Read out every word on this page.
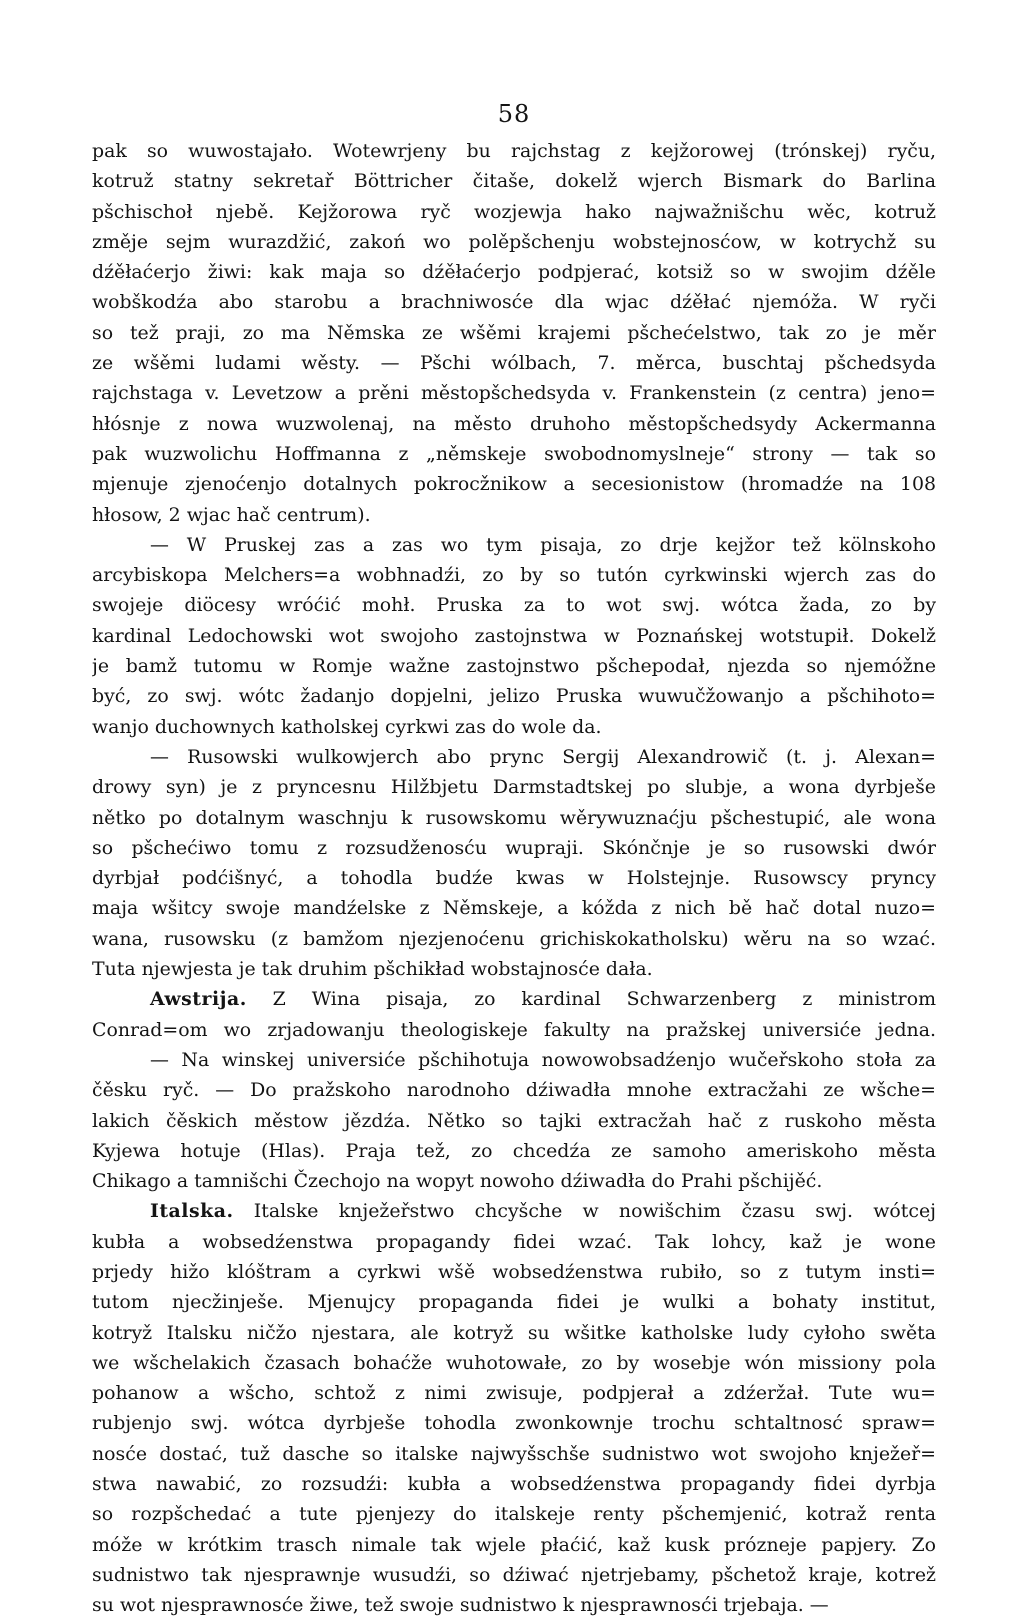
58
pak so wuwostajało. Wotewrjeny bu rajchstag z kejžorowej (trónskej) ryču,
kotruž statny sekretař Böttricher čitaše, dokelž wjerch Bismark do Barlina
pšchischoł njebě. Kejžorowa ryč wozjewja hako najwažnišchu wěc, kotruž
změje sejm wurazdžić, zakoń wo polěpšchenju wobstejnosćow, w kotrychž su
dźěłaćerjo žiwi: kak maja so dźěłaćerjo podpjerać, kotsiž so w swojim dźěle
wobškodźa abo starobu a brachniwosće dla wjac dźěłać njemóža. W ryči
so tež praji, zo ma Němska ze wšěmi krajemi pšchećelstwo, tak zo je měr
ze wšěmi ludami wěsty. — Pšchi wólbach, 7. měrca, buschtaj pšchedsyda
rajchstaga v. Levetzow a prěni městopšchedsyda v. Frankenstein (z centra) jeno=
hłósnje z nowa wuzwolenaj, na město druhoho městopšchedsydy Ackermanna
pak wuzwolichu Hoffmanna z „němskeje swobodnomyslneje“ strony — tak so
mjenuje zjenoćenjo dotalnych pokrocžnikow a secesionistow (hromadźe na 108
hłosow, 2 wjac hač centrum).
— W Pruskej zas a zas wo tym pisaja, zo drje kejžor tež kölnskoho
arcybiskopa Melchers=a wobhnadźi, zo by so tutón cyrkwinski wjerch zas do
swojeje diöcesy wróćić mohł. Pruska za to wot swj. wótca žada, zo by
kardinal Ledochowski wot swojoho zastojnstwa w Poznańskej wotstupił. Dokelž
je bamž tutomu w Romje wažne zastojnstwo pšchepodał, njezda so njemóžne
być, zo swj. wótc žadanjo dopjelni, jelizo Pruska wuwučžowanjo a pšchihoto=
wanjo duchownych katholskej cyrkwi zas do wole da.
— Rusowski wulkowjerch abo prync Sergij Alexandrowič (t. j. Alexan=
drowy syn) je z pryncesnu Hilžbjetu Darmstadtskej po slubje, a wona dyrbješe
nětko po dotalnym waschnju k rusowskomu wěrywuznaćju pšchestupić, ale wona
so pšchećiwo tomu z rozsudženosću wupraji. Skónčnje je so rusowski dwór
dyrbjał podćišnyć, a tohodla budźe kwas w Holstejnje. Rusowscy pryncy
maja wšitcy swoje mandźelske z Němskeje, a kóžda z nich bě hač dotal nuzo=
wana, rusowsku (z bamžom njezjenoćenu grichiskokatholsku) wěru na so wzać.
Tuta njewjesta je tak druhim pšchikład wobstajnosće dała.
Awstrija. Z Wina pisaja, zo kardinal Schwarzenberg z ministrom
Conrad=om wo zrjadowanju theologiskeje fakulty na pražskej universiće jedna.
— Na winskej universiće pšchihotuja nowowobsadźenjo wučeřskoho stoła za
čěsku ryč. — Do pražskoho narodnoho dźiwadła mnohe extracžahi ze wšche=
lakich čěskich městow jězdźa. Nětko so tajki extracžah hač z ruskoho města
Kyjewa hotuje (Hlas). Praja tež, zo chcedźa ze samoho ameriskoho města
Chikago a tamnišchi Čzechojo na wopyt nowoho dźiwadła do Prahi pšchijěć.
Italska. Italske knježeřstwo chcyšche w nowišchim čzasu swj. wótcej
kubła a wobsedźenstwa propagandy fidei wzać. Tak lohcy, kaž je wone
prjedy hižo klóštram a cyrkwi wšě wobsedźenstwa rubiło, so z tutym insti=
tutom njecžinješe. Mjenujcy propaganda fidei je wulki a bohaty institut,
kotryž Italsku ničžo njestara, ale kotryž su wšitke katholske ludy cyłoho swěta
we wšchelakich čzasach bohaćže wuhotowałe, zo by wosebje wón missiony pola
pohanow a wšcho, schtož z nimi zwisuje, podpjerał a zdźeržał. Tute wu=
rubjenjo swj. wótca dyrbješe tohodla zwonkownje trochu schtaltnosć spraw=
nosće dostać, tuž dasche so italske najwyšschše sudnistwo wot swojoho knježeř=
stwa nawabić, zo rozsudźi: kubła a wobsedźenstwa propagandy fidei dyrbja
so rozpšchedać a tute pjenjezy do italskeje renty pšchemjenić, kotraž renta
móže w krótkim trasch nimale tak wjele płaćić, kaž kusk prózneje papjery. Zo
sudnistwo tak njesprawnje wusudźi, so dźiwać njetrjebamy, pšchetož kraje, kotrež
su wot njesprawnosće žiwe, tež swoje sudnistwo k njesprawnosći trjebaja. —
